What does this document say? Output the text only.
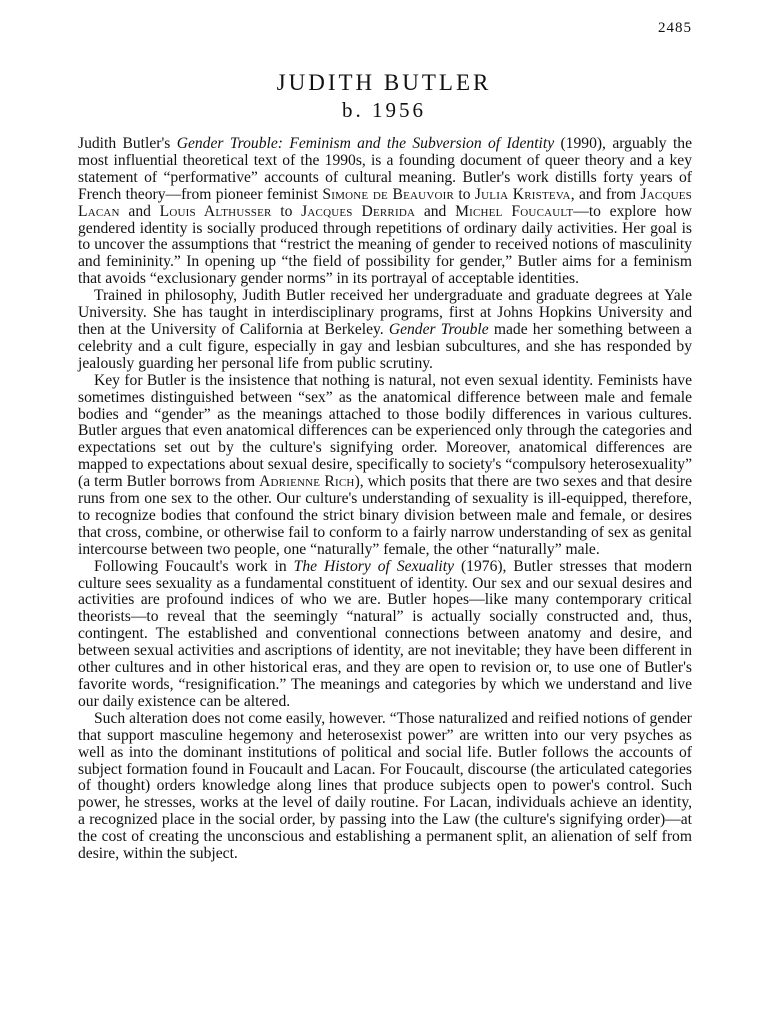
2485
JUDITH BUTLER
b. 1956

Judith Butler's Gender Trouble: Feminism and the Subversion of Identity (1990), arguably the most influential theoretical text of the 1990s, is a founding document of queer theory and a key statement of “performative” accounts of cultural meaning. Butler's work distills forty years of French theory—from pioneer feminist Simone de Beauvoir to Julia Kristeva, and from Jacques Lacan and Louis Althusser to Jacques Derrida and Michel Foucault—to explore how gendered identity is socially produced through repetitions of ordinary daily activities. Her goal is to uncover the assumptions that “restrict the meaning of gender to received notions of masculinity and femininity.” In opening up “the field of possibility for gender,” Butler aims for a feminism that avoids “exclusionary gender norms” in its portrayal of acceptable identities.

Trained in philosophy, Judith Butler received her undergraduate and graduate degrees at Yale University. She has taught in interdisciplinary programs, first at Johns Hopkins University and then at the University of California at Berkeley. Gender Trouble made her something between a celebrity and a cult figure, especially in gay and lesbian subcultures, and she has responded by jealously guarding her personal life from public scrutiny.

Key for Butler is the insistence that nothing is natural, not even sexual identity. Feminists have sometimes distinguished between “sex” as the anatomical difference between male and female bodies and “gender” as the meanings attached to those bodily differences in various cultures. Butler argues that even anatomical differences can be experienced only through the categories and expectations set out by the culture's signifying order. Moreover, anatomical differences are mapped to expectations about sexual desire, specifically to society's “compulsory heterosexuality” (a term Butler borrows from Adrienne Rich), which posits that there are two sexes and that desire runs from one sex to the other. Our culture's understanding of sexuality is ill-equipped, therefore, to recognize bodies that confound the strict binary division between male and female, or desires that cross, combine, or otherwise fail to conform to a fairly narrow understanding of sex as genital intercourse between two people, one “naturally” female, the other “naturally” male.

Following Foucault's work in The History of Sexuality (1976), Butler stresses that modern culture sees sexuality as a fundamental constituent of identity. Our sex and our sexual desires and activities are profound indices of who we are. Butler hopes—like many contemporary critical theorists—to reveal that the seemingly “natural” is actually socially constructed and, thus, contingent. The established and conventional connections between anatomy and desire, and between sexual activities and ascriptions of identity, are not inevitable; they have been different in other cultures and in other historical eras, and they are open to revision or, to use one of Butler's favorite words, “resignification.” The meanings and categories by which we understand and live our daily existence can be altered.

Such alteration does not come easily, however. “Those naturalized and reified notions of gender that support masculine hegemony and heterosexist power” are written into our very psyches as well as into the dominant institutions of political and social life. Butler follows the accounts of subject formation found in Foucault and Lacan. For Foucault, discourse (the articulated categories of thought) orders knowledge along lines that produce subjects open to power's control. Such power, he stresses, works at the level of daily routine. For Lacan, individuals achieve an identity, a recognized place in the social order, by passing into the Law (the culture's signifying order)—at the cost of creating the unconscious and establishing a permanent split, an alienation of self from desire, within the subject.
